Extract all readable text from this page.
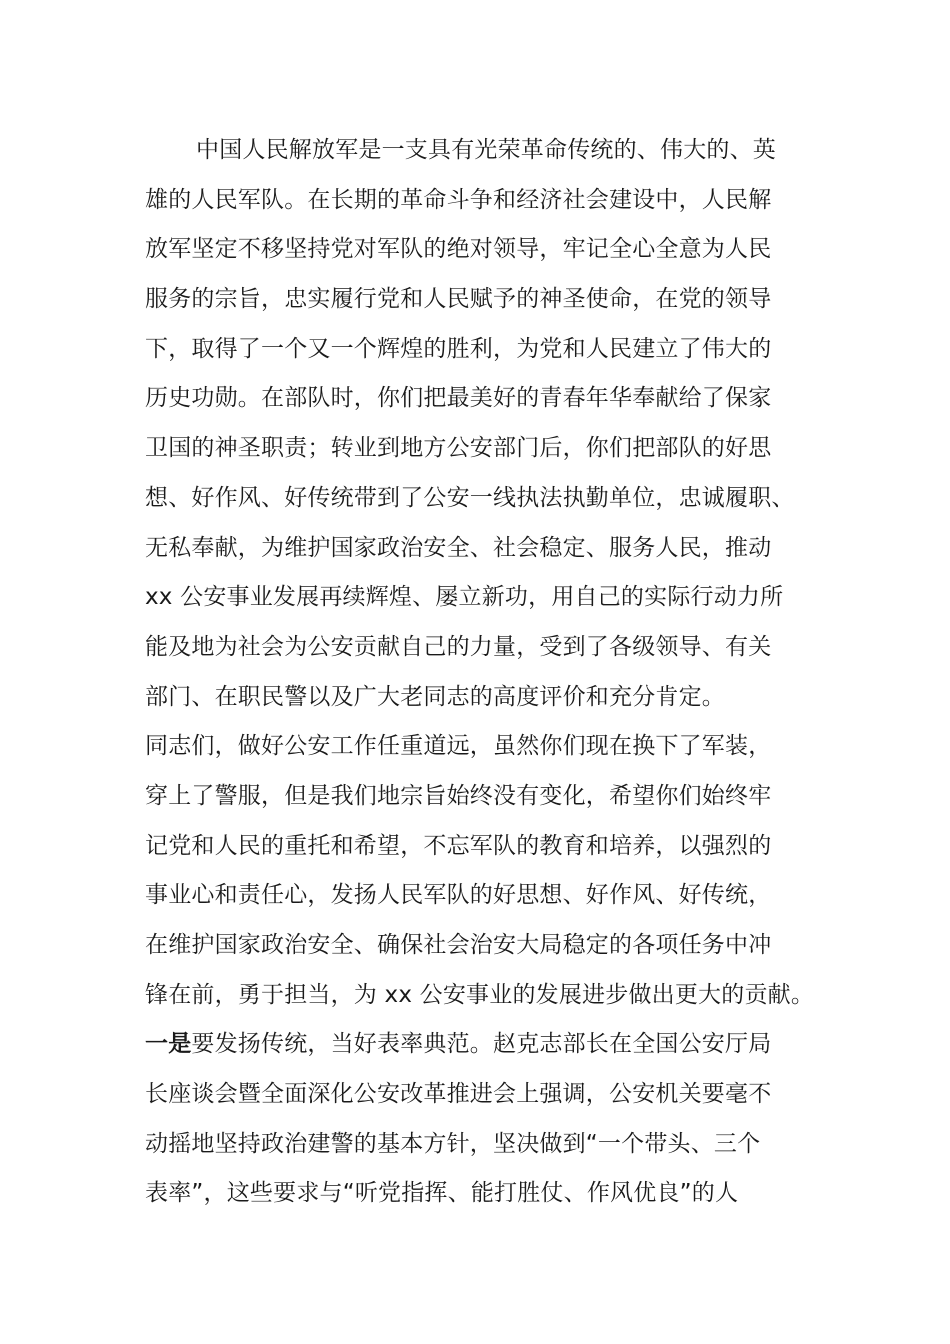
中国人民解放军是一支具有光荣革命传统的、伟大的、英
雄的人民军队。在长期的革命斗争和经济社会建设中，人民解
放军坚定不移坚持党对军队的绝对领导，牢记全心全意为人民
服务的宗旨，忠实履行党和人民赋予的神圣使命，在党的领导
下，取得了一个又一个辉煌的胜利，为党和人民建立了伟大的
历史功勋。在部队时，你们把最美好的青春年华奉献给了保家
卫国的神圣职责；转业到地方公安部门后，你们把部队的好思
想、好作风、好传统带到了公安一线执法执勤单位，忠诚履职、
无私奉献，为维护国家政治安全、社会稳定、服务人民，推动
xx 公安事业发展再续辉煌、屡立新功，用自己的实际行动力所
能及地为社会为公安贡献自己的力量，受到了各级领导、有关
部门、在职民警以及广大老同志的高度评价和充分肯定。
同志们，做好公安工作任重道远，虽然你们现在换下了军装，
穿上了警服，但是我们地宗旨始终没有变化，希望你们始终牢
记党和人民的重托和希望，不忘军队的教育和培养，以强烈的
事业心和责任心，发扬人民军队的好思想、好作风、好传统，
在维护国家政治安全、确保社会治安大局稳定的各项任务中冲
锋在前，勇于担当，为 xx 公安事业的发展进步做出更大的贡献。
一是要发扬传统，当好表率典范。赵克志部长在全国公安厅局
长座谈会暨全面深化公安改革推进会上强调，公安机关要毫不
动摇地坚持政治建警的基本方针，坚决做到“一个带头、三个
表率”，这些要求与“听党指挥、能打胜仗、作风优良”的人
